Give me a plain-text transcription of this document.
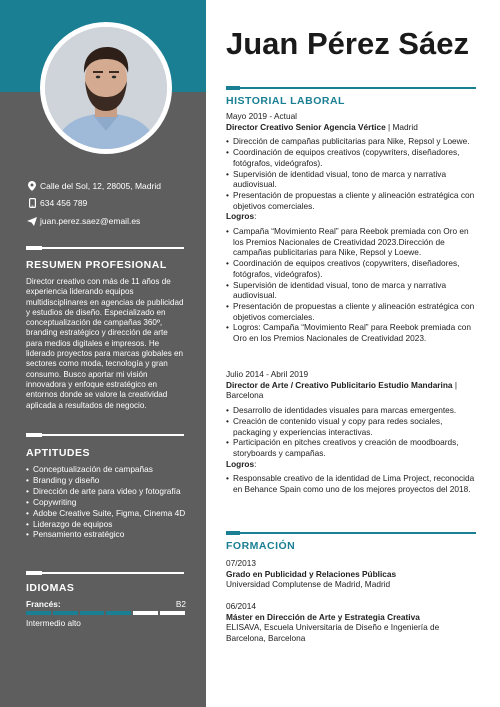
Calle del Sol, 12, 28005, Madrid
634 456 789
juan.perez.saez@email.es
RESUMEN PROFESIONAL
Director creativo con más de 11 años de experiencia liderando equipos multidisciplinares en agencias de publicidad y estudios de diseño. Especializado en conceptualización de campañas 360º, branding estratégico y dirección de arte para medios digitales e impresos. He liderado proyectos para marcas globales en sectores como moda, tecnología y gran consumo. Busco aportar mi visión innovadora y enfoque estratégico en entornos donde se valore la creatividad aplicada a resultados de negocio.
APTITUDES
• Conceptualización de campañas
• Branding y diseño
• Dirección de arte para video y fotografía
• Copywriting
• Adobe Creative Suite, Figma, Cinema 4D
• Liderazgo de equipos
• Pensamiento estratégico
IDIOMAS
Francés:	B2
Intermedio alto
Juan Pérez Sáez
HISTORIAL LABORAL
Mayo 2019 - Actual
Director Creativo Senior Agencia Vértice | Madrid
• Dirección de campañas publicitarias para Nike, Repsol y Loewe.
• Coordinación de equipos creativos (copywriters, diseñadores, fotógrafos, videógrafos).
• Supervisión de identidad visual, tono de marca y narrativa audiovisual.
• Presentación de propuestas a cliente y alineación estratégica con objetivos comerciales.
Logros:
• Campaña “Movimiento Real” para Reebok premiada con Oro en los Premios Nacionales de Creatividad 2023.Dirección de campañas publicitarias para Nike, Repsol y Loewe.
• Coordinación de equipos creativos (copywriters, diseñadores, fotógrafos, videógrafos).
• Supervisión de identidad visual, tono de marca y narrativa audiovisual.
• Presentación de propuestas a cliente y alineación estratégica con objetivos comerciales.
• Logros: Campaña “Movimiento Real” para Reebok premiada con Oro en los Premios Nacionales de Creatividad 2023.
Julio 2014 - Abril 2019
Director de Arte / Creativo Publicitario Estudio Mandarina | Barcelona
• Desarrollo de identidades visuales para marcas emergentes.
• Creación de contenido visual y copy para redes sociales, packaging y experiencias interactivas.
• Participación en pitches creativos y creación de moodboards, storyboards y campañas.
Logros:
• Responsable creativo de la identidad de Lima Project, reconocida en Behance Spain como uno de los mejores proyectos del 2018.
FORMACIÓN
07/2013
Grado en Publicidad y Relaciones Públicas
Universidad Complutense de Madrid, Madrid
06/2014
Máster en Dirección de Arte y Estrategia Creativa
ELISAVA, Escuela Universitaria de Diseño e Ingeniería de Barcelona, Barcelona
